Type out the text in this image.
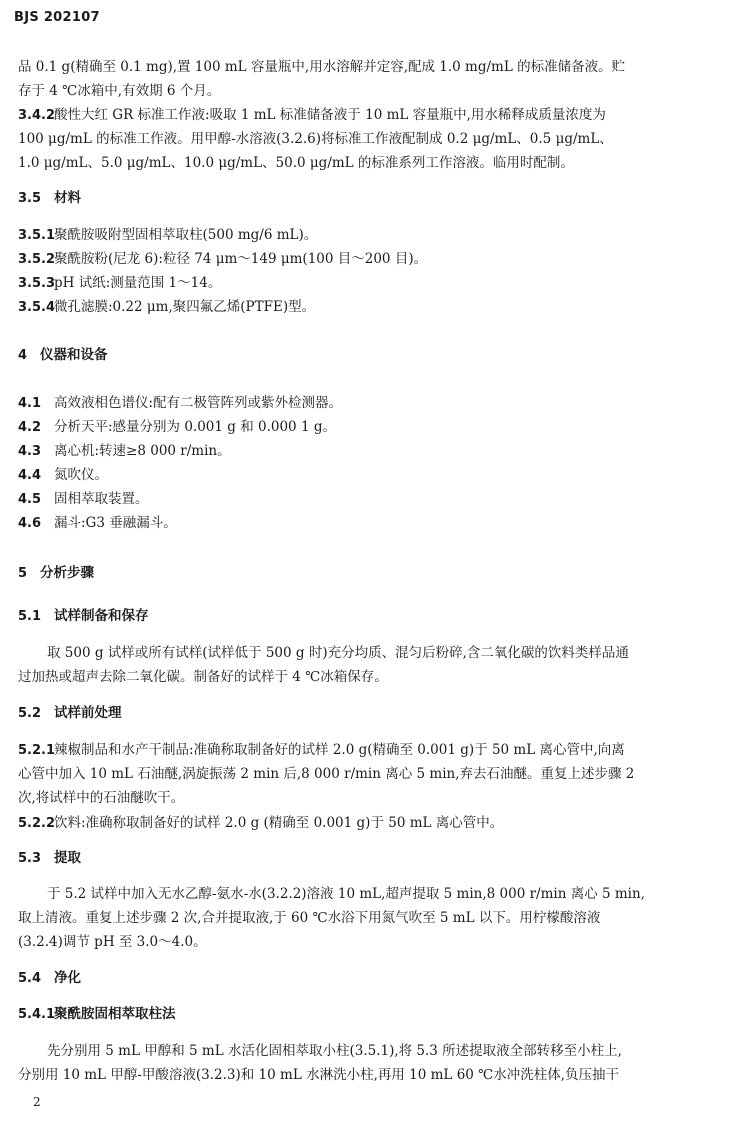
BJS 202107
品 0.1 g(精确至 0.1 mg),置 100 mL 容量瓶中,用水溶解并定容,配成 1.0 mg/mL 的标准储备液。贮
存于 4 ℃冰箱中,有效期 6 个月。
3.4.2酸性大红 GR 标准工作液:吸取 1 mL 标准储备液于 10 mL 容量瓶中,用水稀释成质量浓度为
100 μg/mL 的标准工作液。用甲醇-水溶液(3.2.6)将标准工作液配制成 0.2 μg/mL、0.5 μg/mL、
1.0 μg/mL、5.0 μg/mL、10.0 μg/mL、50.0 μg/mL 的标准系列工作溶液。临用时配制。
3.5 材料
3.5.1聚酰胺吸附型固相萃取柱(500 mg/6 mL)。
3.5.2聚酰胺粉(尼龙 6):粒径 74 μm～149 μm(100 目～200 目)。
3.5.3pH 试纸:测量范围 1～14。
3.5.4微孔滤膜:0.22 μm,聚四氟乙烯(PTFE)型。
4 仪器和设备
4.1 高效液相色谱仪:配有二极管阵列或紫外检测器。
4.2 分析天平:感量分别为 0.001 g 和 0.000 1 g。
4.3 离心机:转速≥8 000 r/min。
4.4 氮吹仪。
4.5 固相萃取装置。
4.6 漏斗:G3 垂融漏斗。
5 分析步骤
5.1 试样制备和保存
取 500 g 试样或所有试样(试样低于 500 g 时)充分均质、混匀后粉碎,含二氧化碳的饮料类样品通
过加热或超声去除二氧化碳。制备好的试样于 4 ℃冰箱保存。
5.2 试样前处理
5.2.1辣椒制品和水产干制品:准确称取制备好的试样 2.0 g(精确至 0.001 g)于 50 mL 离心管中,向离
心管中加入 10 mL 石油醚,涡旋振荡 2 min 后,8 000 r/min 离心 5 min,弃去石油醚。重复上述步骤 2
次,将试样中的石油醚吹干。
5.2.2饮料:准确称取制备好的试样 2.0 g (精确至 0.001 g)于 50 mL 离心管中。
5.3 提取
于 5.2 试样中加入无水乙醇-氨水-水(3.2.2)溶液 10 mL,超声提取 5 min,8 000 r/min 离心 5 min,
取上清液。重复上述步骤 2 次,合并提取液,于 60 ℃水浴下用氮气吹至 5 mL 以下。用柠檬酸溶液
(3.2.4)调节 pH 至 3.0～4.0。
5.4 净化
5.4.1聚酰胺固相萃取柱法
先分别用 5 mL 甲醇和 5 mL 水活化固相萃取小柱(3.5.1),将 5.3 所述提取液全部转移至小柱上,
分别用 10 mL 甲醇-甲酸溶液(3.2.3)和 10 mL 水淋洗小柱,再用 10 mL 60 ℃水冲洗柱体,负压抽干
2
